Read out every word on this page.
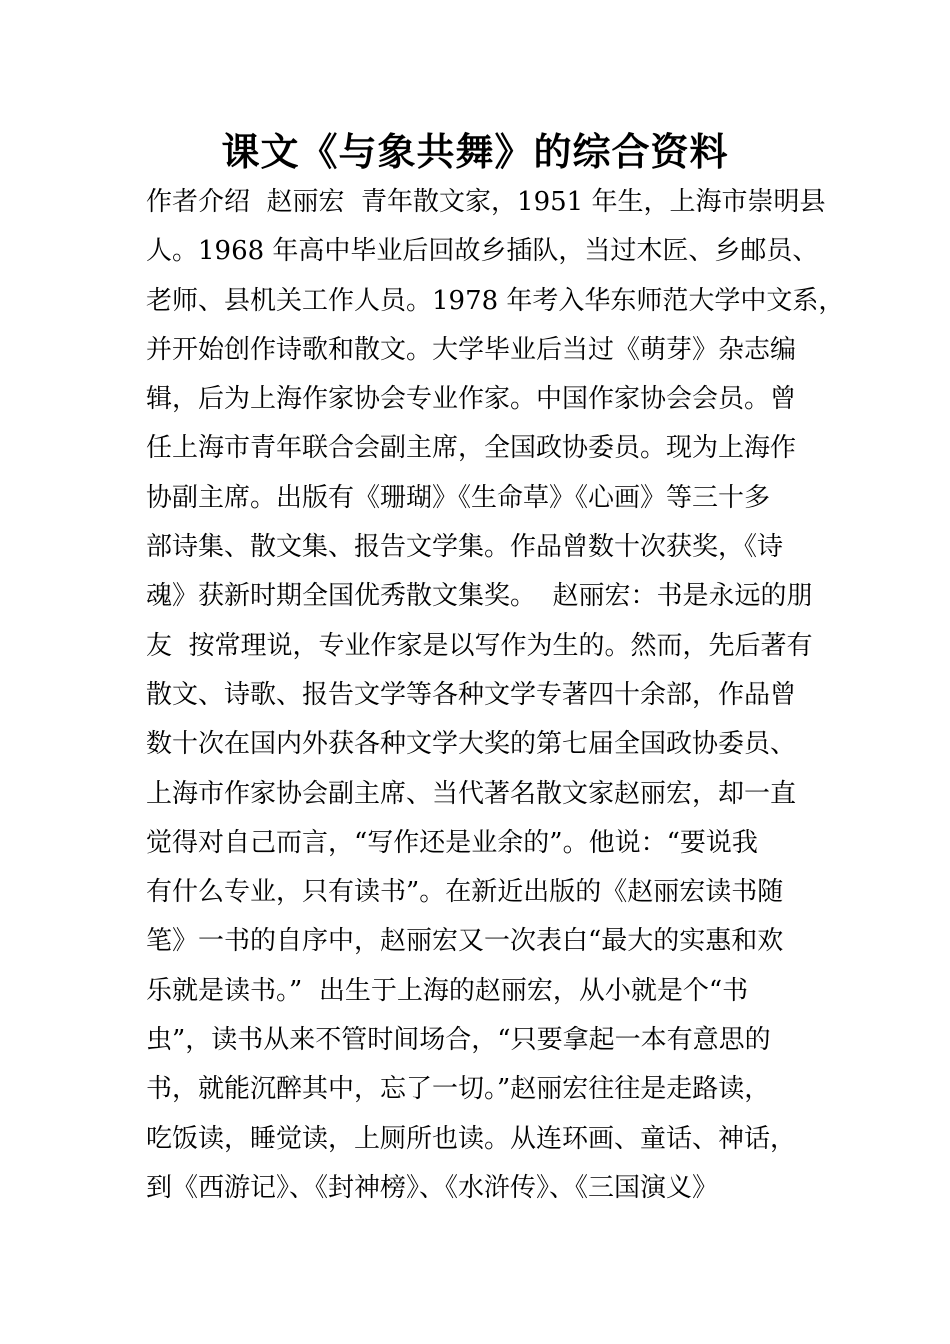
课文《与象共舞》的综合资料
作者介绍  赵丽宏  青年散文家，1951 年生，上海市崇明县
人。1968 年高中毕业后回故乡插队，当过木匠、乡邮员、
老师、县机关工作人员。1978 年考入华东师范大学中文系，
并开始创作诗歌和散文。大学毕业后当过《萌芽》杂志编
辑，后为上海作家协会专业作家。中国作家协会会员。曾
任上海市青年联合会副主席，全国政协委员。现为上海作
协副主席。出版有《珊瑚》《生命草》《心画》等三十多
部诗集、散文集、报告文学集。作品曾数十次获奖，《诗
魂》获新时期全国优秀散文集奖。  赵丽宏：书是永远的朋
友  按常理说，专业作家是以写作为生的。然而，先后著有
散文、诗歌、报告文学等各种文学专著四十余部，作品曾
数十次在国内外获各种文学大奖的第七届全国政协委员、
上海市作家协会副主席、当代著名散文家赵丽宏，却一直
觉得对自己而言，“写作还是业余的”。他说：“要说我
有什么专业，只有读书”。在新近出版的《赵丽宏读书随
笔》一书的自序中，赵丽宏又一次表白“最大的实惠和欢
乐就是读书。”  出生于上海的赵丽宏，从小就是个“书
虫”，读书从来不管时间场合，“只要拿起一本有意思的
书，就能沉醉其中，忘了一切。”赵丽宏往往是走路读，
吃饭读，睡觉读，上厕所也读。从连环画、童话、神话，
到《西游记》、《封神榜》、《水浒传》、《三国演义》
